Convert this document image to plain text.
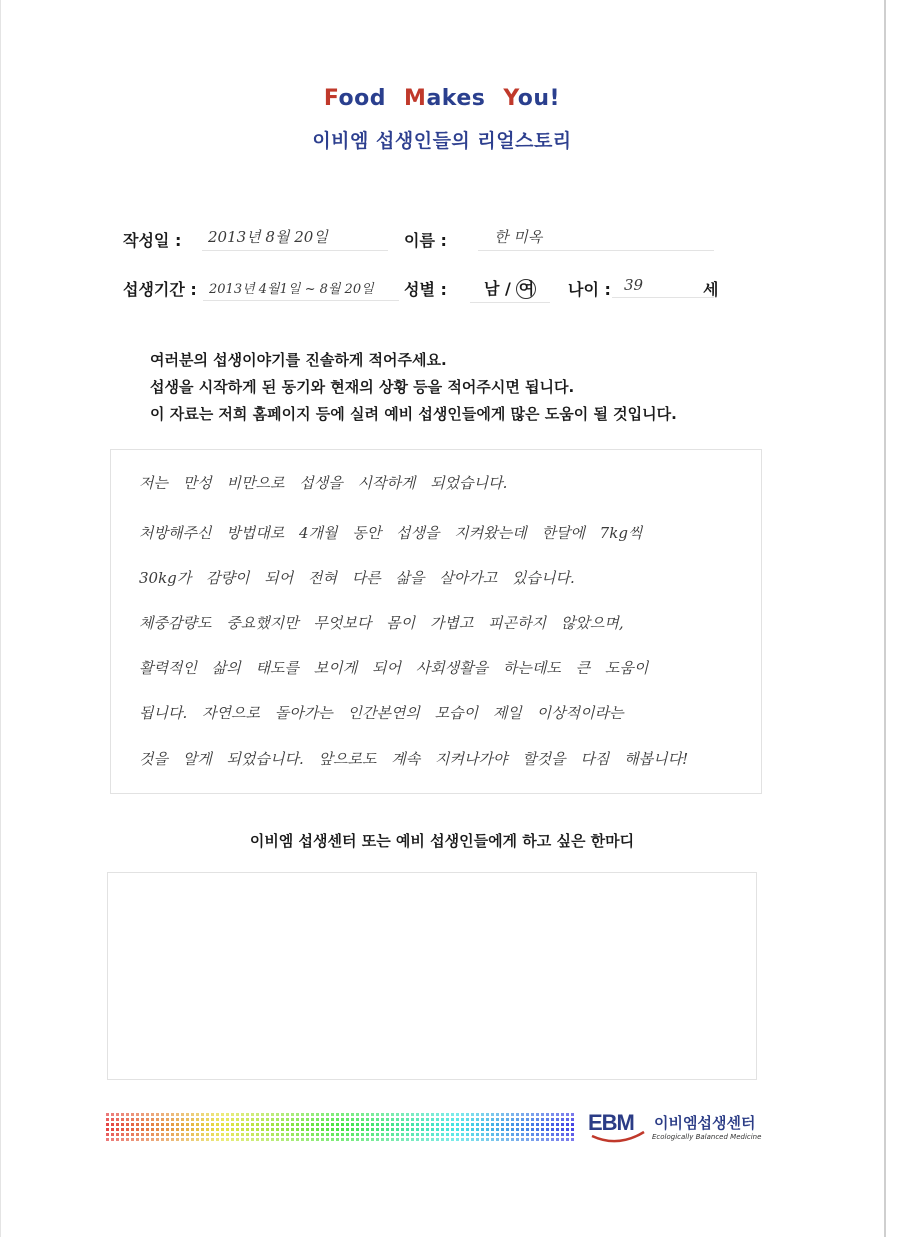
Food Makes You!
이비엠 섭생인들의 리얼스토리
작성일 :	2013년 8월 20일	이름 :	한 미옥
섭생기간 : 2013년 4월1일 ~ 8월 20일	성별 :	남 / 여	나이 : 39	세
여러분의 섭생이야기를 진솔하게 적어주세요.
섭생을 시작하게 된 동기와 현재의 상황 등을 적어주시면 됩니다.
이 자료는 저희 홈페이지 등에 실려 예비 섭생인들에게 많은 도움이 될 것입니다.
저는 만성 비만으로 섭생을 시작하게 되었습니다.
처방해주신 방법대로 4개월 동안 섭생을 지켜왔는데 한달에 7kg씩
30kg가 감량이 되어 전혀 다른 삶을 살아가고 있습니다.
체중감량도 중요했지만 무엇보다 몸이 가볍고 피곤하지 않았으며,
활력적인 삶의 태도를 보이게 되어 사회생활을 하는데도 큰 도움이
됩니다. 자연으로 돌아가는 인간본연의 모습이 제일 이상적이라는
것을 알게 되었습니다. 앞으로도 계속 지켜나가야 할것을 다짐 해봅니다!
이비엠 섭생센터 또는 예비 섭생인들에게 하고 싶은 한마디
EBM 이비엠섭생센터
Ecologically Balanced Medicine
